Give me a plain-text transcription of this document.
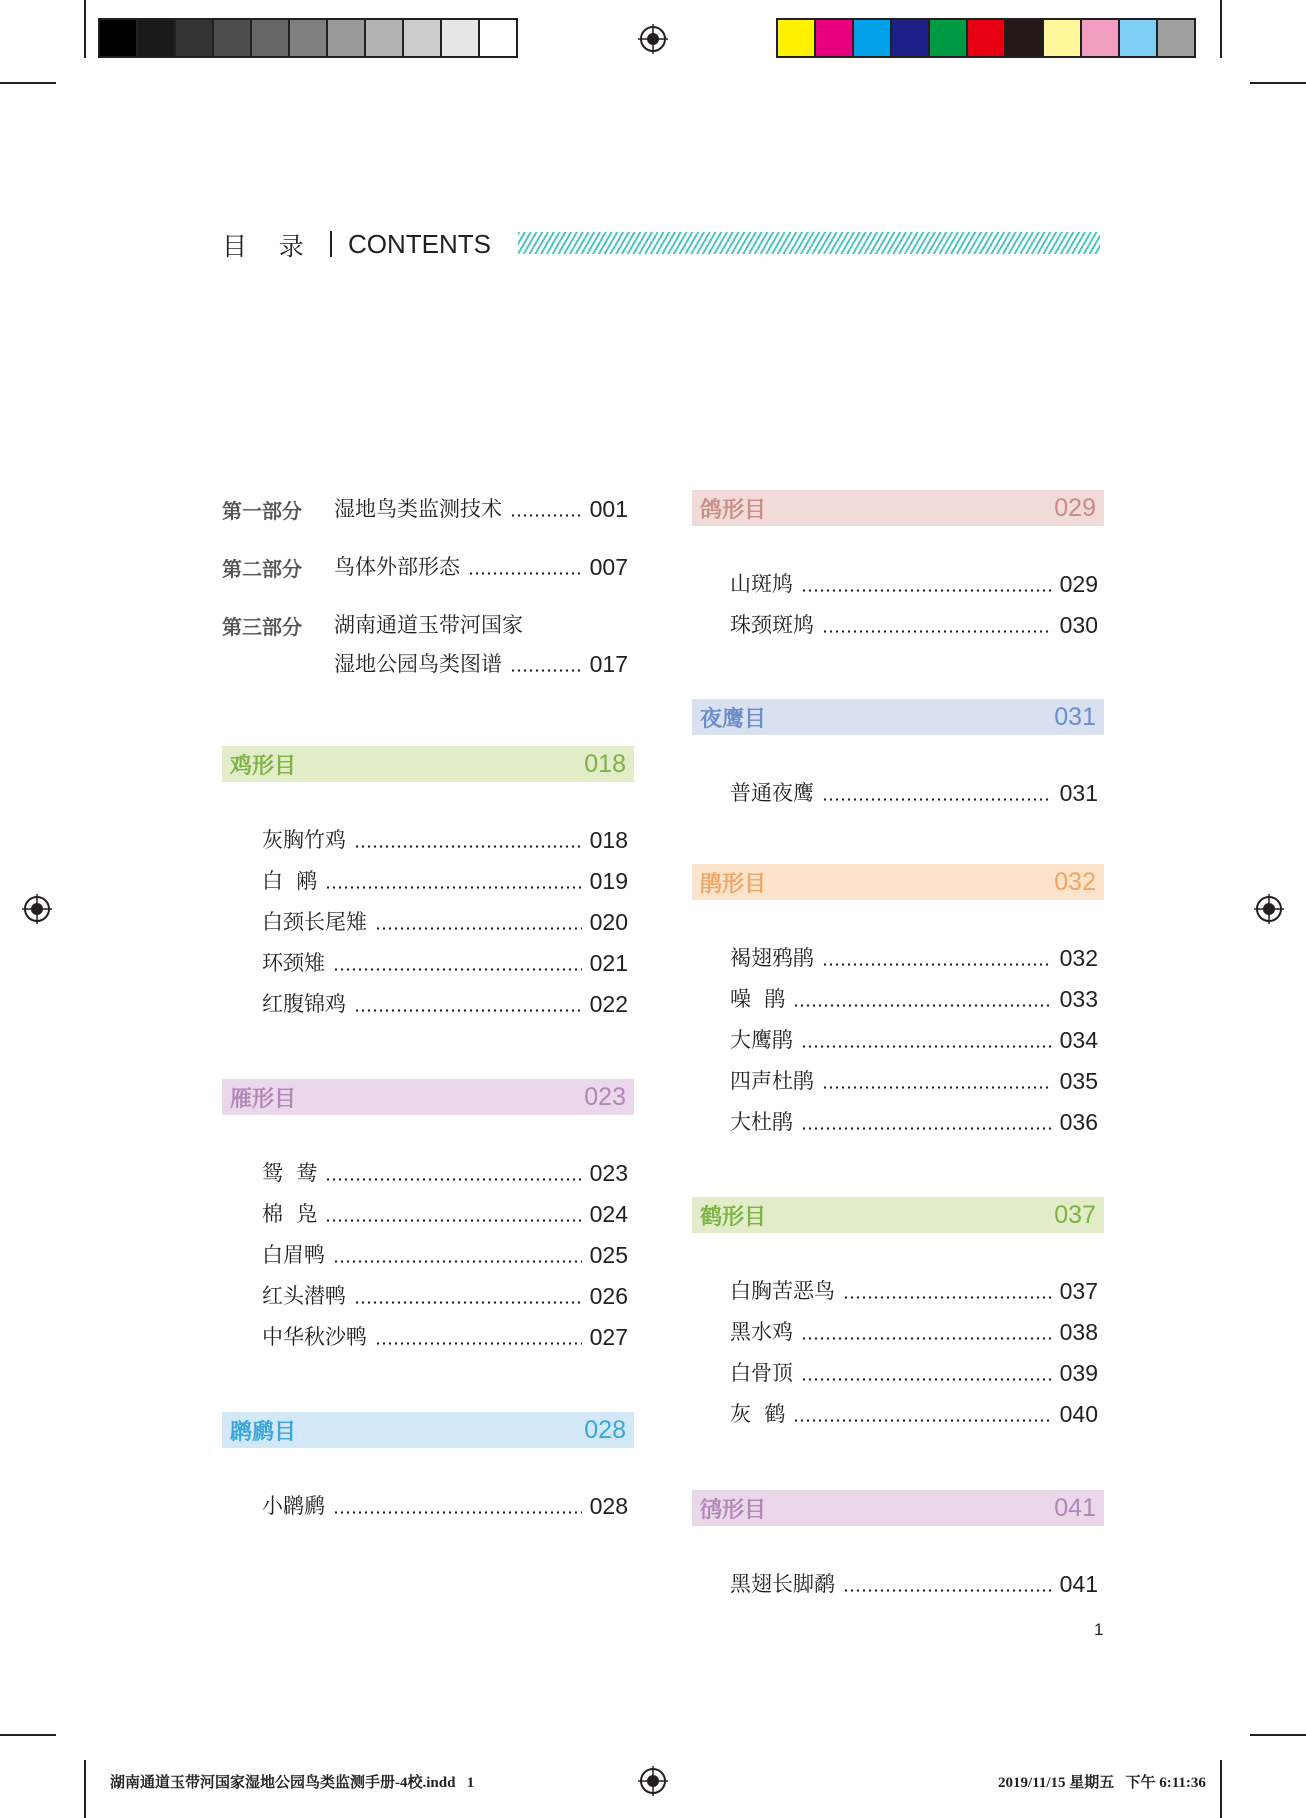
目    录 CONTENTS
第一部分 湿地鸟类监测技术	001
第二部分 鸟体外部形态	007
第三部分 湖南通道玉带河国家
湿地公园鸟类图谱	017
鸡形目	018
灰胸竹鸡	018
白  鹇	019
白颈长尾雉	020
环颈雉	021
红腹锦鸡	022
雁形目	023
鸳  鸯	023
棉  凫	024
白眉鸭	025
红头潜鸭	026
中华秋沙鸭	027
䴙䴘目	028
小䴙䴘	028
鸽形目	029
山斑鸠	029
珠颈斑鸠	030
夜鹰目	031
普通夜鹰	031
鹃形目	032
褐翅鸦鹃	032
噪  鹃	033
大鹰鹃	034
四声杜鹃	035
大杜鹃	036
鹤形目	037
白胸苦恶鸟	037
黑水鸡	038
白骨顶	039
灰  鹤	040
鸻形目	041
黑翅长脚鹬	041
1
湖南通道玉带河国家湿地公园鸟类监测手册-4校.indd   1	2019/11/15 星期五   下午 6:11:36
